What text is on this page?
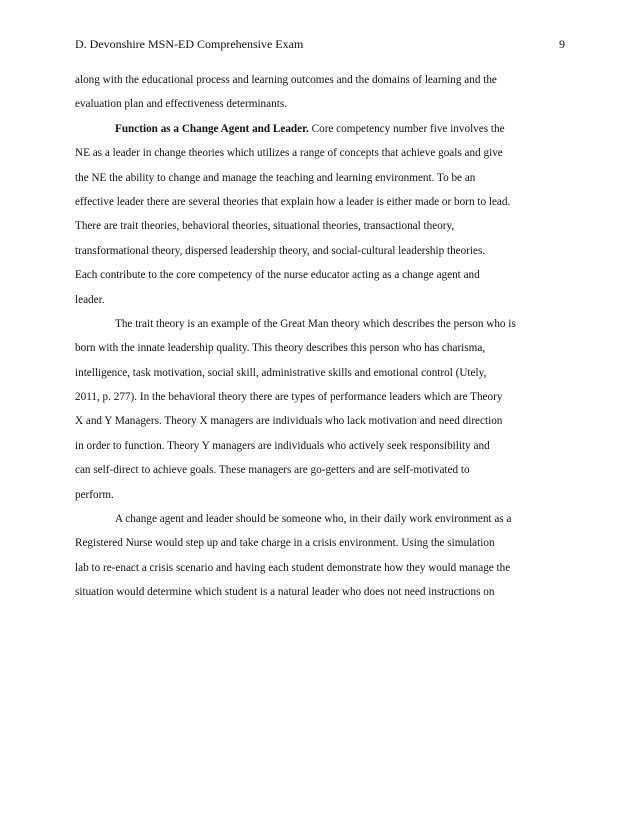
D. Devonshire MSN-ED Comprehensive Exam	9
along with the educational process and learning outcomes and the domains of learning and the
evaluation plan and effectiveness determinants.
Function as a Change Agent and Leader. Core competency number five involves the
NE as a leader in change theories which utilizes a range of concepts that achieve goals and give
the NE the ability to change and manage the teaching and learning environment. To be an
effective leader there are several theories that explain how a leader is either made or born to lead.
There are trait theories, behavioral theories, situational theories, transactional theory,
transformational theory, dispersed leadership theory, and social-cultural leadership theories.
Each contribute to the core competency of the nurse educator acting as a change agent and
leader.
The trait theory is an example of the Great Man theory which describes the person who is
born with the innate leadership quality. This theory describes this person who has charisma,
intelligence, task motivation, social skill, administrative skills and emotional control (Utely,
2011, p. 277). In the behavioral theory there are types of performance leaders which are Theory
X and Y Managers. Theory X managers are individuals who lack motivation and need direction
in order to function. Theory Y managers are individuals who actively seek responsibility and
can self-direct to achieve goals. These managers are go-getters and are self-motivated to
perform.
A change agent and leader should be someone who, in their daily work environment as a
Registered Nurse would step up and take charge in a crisis environment. Using the simulation
lab to re-enact a crisis scenario and having each student demonstrate how they would manage the
situation would determine which student is a natural leader who does not need instructions on
